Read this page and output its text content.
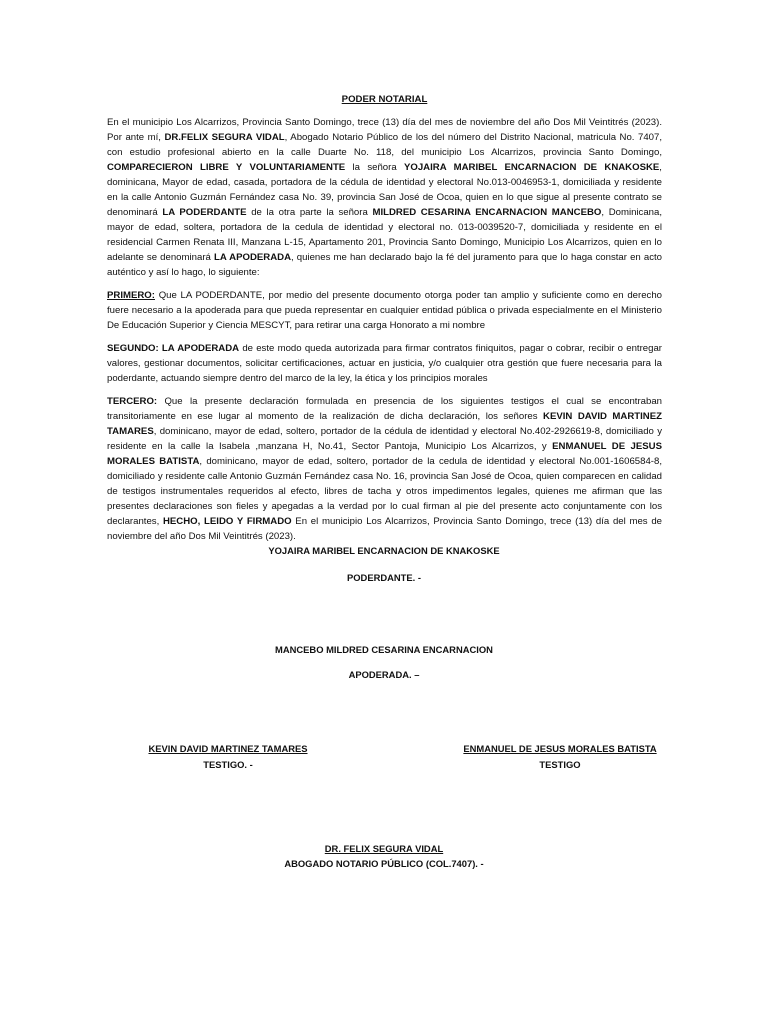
PODER NOTARIAL

En el municipio Los Alcarrizos, Provincia Santo Domingo, trece (13) día del mes de noviembre del año Dos Mil Veintitrés (2023). Por ante mí, DR.FELIX SEGURA VIDAL, Abogado Notario Público de los del número del Distrito Nacional, matricula No. 7407, con estudio profesional abierto en la calle Duarte No. 118, del municipio Los Alcarrizos, provincia Santo Domingo, COMPARECIERON LIBRE Y VOLUNTARIAMENTE la señora YOJAIRA MARIBEL ENCARNACION DE KNAKOSKE, dominicana, Mayor de edad, casada, portadora de la cédula de identidad y electoral No.013-0046953-1, domiciliada y residente en la calle Antonio Guzmán Fernández casa No. 39, provincia San José de Ocoa, quien en lo que sigue al presente contrato se denominará LA PODERDANTE de la otra parte la señora MILDRED CESARINA ENCARNACION MANCEBO, Dominicana, mayor de edad, soltera, portadora de la cedula de identidad y electoral no. 013-0039520-7, domiciliada y residente en el residencial Carmen Renata III, Manzana L-15, Apartamento 201, Provincia Santo Domingo, Municipio Los Alcarrizos, quien en lo adelante se denominará LA APODERADA, quienes me han declarado bajo la fé del juramento para que lo haga constar en acto auténtico y así lo hago, lo siguiente:

PRIMERO: Que LA PODERDANTE, por medio del presente documento otorga poder tan amplio y suficiente como en derecho fuere necesario a la apoderada para que pueda representar en cualquier entidad pública o privada especialmente en el Ministerio De Educación Superior y Ciencia MESCYT, para retirar una carga Honorato a mi nombre

SEGUNDO: LA APODERADA de este modo queda autorizada para firmar contratos finiquitos, pagar o cobrar, recibir o entregar valores, gestionar documentos, solicitar certificaciones, actuar en justicia, y/o cualquier otra gestión que fuere necesaria para la poderdante, actuando siempre dentro del marco de la ley, la ética y los principios morales

TERCERO: Que la presente declaración formulada en presencia de los siguientes testigos el cual se encontraban transitoriamente en ese lugar al momento de la realización de dicha declaración, los señores KEVIN DAVID MARTINEZ TAMARES, dominicano, mayor de edad, soltero, portador de la cédula de identidad y electoral No.402-2926619-8, domiciliado y residente en la calle la Isabela ,manzana H, No.41, Sector Pantoja, Municipio Los Alcarrizos, y ENMANUEL DE JESUS MORALES BATISTA, dominicano, mayor de edad, soltero, portador de la cedula de identidad y electoral No.001-1606584-8, domiciliado y residente calle Antonio Guzmán Fernández casa No. 16, provincia San José de Ocoa, quien comparecen en calidad de testigos instrumentales requeridos al efecto, libres de tacha y otros impedimentos legales, quienes me afirman que las presentes declaraciones son fieles y apegadas a la verdad por lo cual firman al pie del presente acto conjuntamente con los declarantes, HECHO, LEIDO Y FIRMADO En el municipio Los Alcarrizos, Provincia Santo Domingo, trece (13) día del mes de noviembre del año Dos Mil Veintitrés (2023).

YOJAIRA MARIBEL ENCARNACION DE KNAKOSKE
PODERDANTE. -
MANCEBO MILDRED CESARINA ENCARNACION
APODERADA. –
KEVIN DAVID MARTINEZ TAMARES
TESTIGO. -
ENMANUEL DE JESUS MORALES BATISTA
TESTIGO
DR. FELIX SEGURA VIDAL
ABOGADO NOTARIO PÚBLICO (COL.7407). -
